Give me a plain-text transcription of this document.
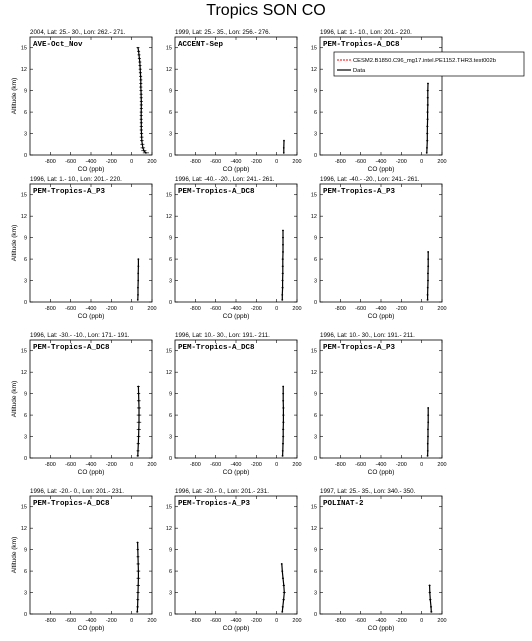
Tropics SON CO
2004, Lat: 25.- 30., Lon: 262.- 271.
AVE-Oct_Nov
-800 -600 -400 -200 0	200
0
3
6
9
12
15
CO (ppb)
Altitude (km)
1999, Lat: 25.- 35., Lon: 256.- 276.
ACCENT-Sep
-800 -600 -400 -200 0	200
0
3
6
9
12
15
CO (ppb)
1996, Lat: 1.- 10., Lon: 201.- 220.
PEM-Tropics-A_DC8
-800 -600 -400 -200 0	200
0
3
6
9
12
15
CO (ppb)
CESM2.B1850.C96_mg17.intel.PE1152.THR3.test002b
Data
1996, Lat: 1.- 10., Lon: 201.- 220.
PEM-Tropics-A_P3
-800 -600 -400 -200 0	200
0
3
6
9
12
15
CO (ppb)
Altitude (km)
1996, Lat: -40.- -20., Lon: 241.- 261.
PEM-Tropics-A_DC8
-800 -600 -400 -200 0	200
0
3
6
9
12
15
CO (ppb)
1996, Lat: -40.- -20., Lon: 241.- 261.
PEM-Tropics-A_P3
-800 -600 -400 -200 0	200
0
3
6
9
12
15
CO (ppb)
1996, Lat: -30.- -10., Lon: 171.- 191.
PEM-Tropics-A_DC8
-800 -600 -400 -200 0	200
0
3
6
9
12
15
CO (ppb)
Altitude (km)
1996, Lat: 10.- 30., Lon: 191.- 211.
PEM-Tropics-A_DC8
-800 -600 -400 -200 0	200
0
3
6
9
12
15
CO (ppb)
1996, Lat: 10.- 30., Lon: 191.- 211.
PEM-Tropics-A_P3
-800 -600 -400 -200 0	200
0
3
6
9
12
15
CO (ppb)
1996, Lat: -20.- 0., Lon: 201.- 231.
PEM-Tropics-A_DC8
-800 -600 -400 -200 0	200
0
3
6
9
12
15
CO (ppb)
Altitude (km)
1996, Lat: -20.- 0., Lon: 201.- 231.
PEM-Tropics-A_P3
-800 -600 -400 -200 0	200
0
3
6
9
12
15
CO (ppb)
1997, Lat: 25.- 35., Lon: 340.- 350.
POLINAT-2
-800 -600 -400 -200 0	200
0
3
6
9
12
15
CO (ppb)
